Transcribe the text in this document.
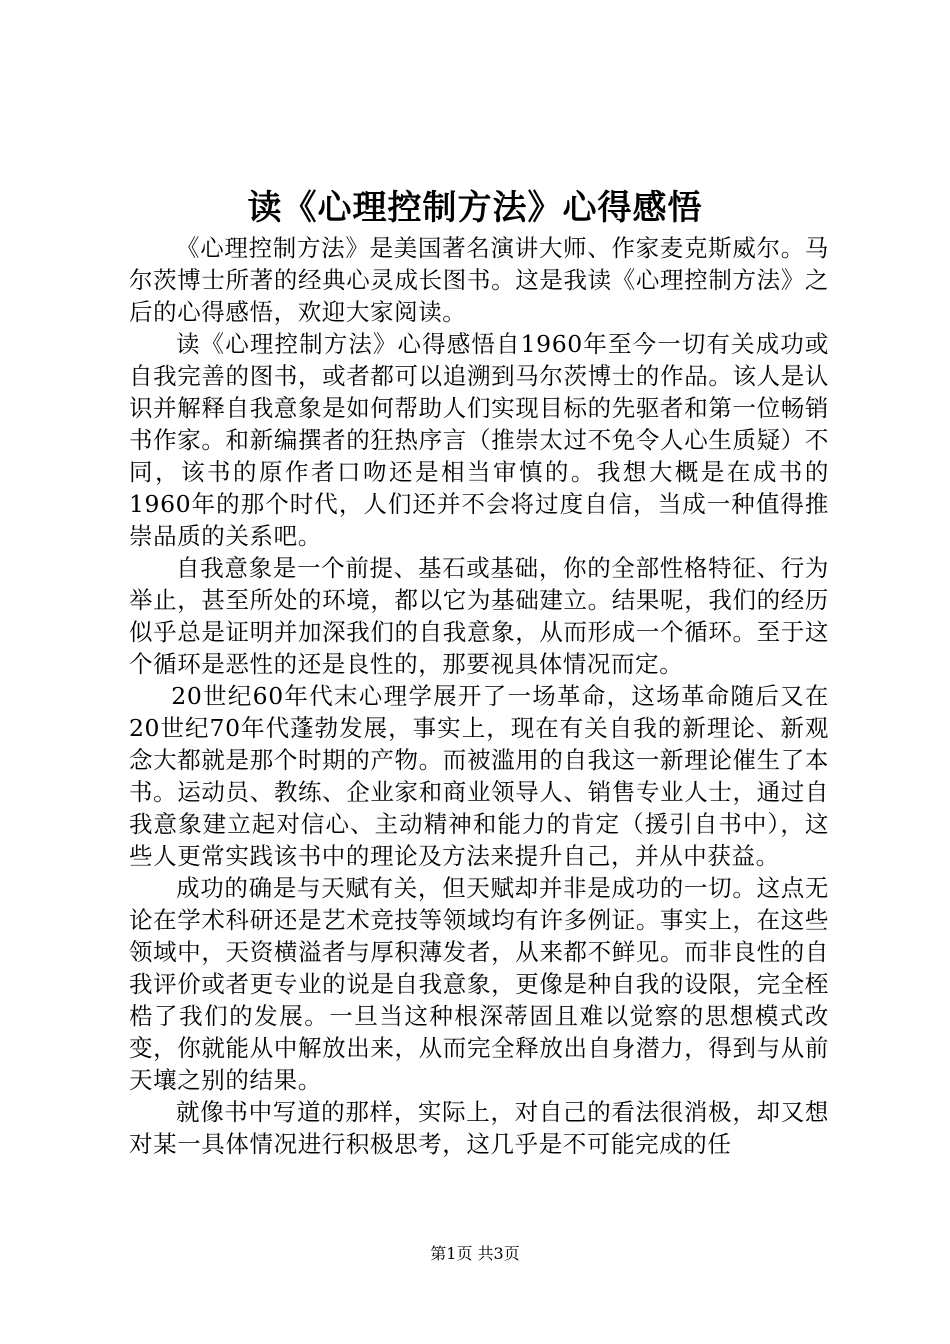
读《心理控制方法》心得感悟

《心理控制方法》是美国著名演讲大师、作家麦克斯威尔。马尔茨博士所著的经典心灵成长图书。这是我读《心理控制方法》之后的心得感悟，欢迎大家阅读。

读《心理控制方法》心得感悟自1960年至今一切有关成功或自我完善的图书，或者都可以追溯到马尔茨博士的作品。该人是认识并解释自我意象是如何帮助人们实现目标的先驱者和第一位畅销书作家。和新编撰者的狂热序言（推崇太过不免令人心生质疑）不同，该书的原作者口吻还是相当审慎的。我想大概是在成书的1960年的那个时代，人们还并不会将过度自信，当成一种值得推崇品质的关系吧。

自我意象是一个前提、基石或基础，你的全部性格特征、行为举止，甚至所处的环境，都以它为基础建立。结果呢，我们的经历似乎总是证明并加深我们的自我意象，从而形成一个循环。至于这个循环是恶性的还是良性的，那要视具体情况而定。

20世纪60年代末心理学展开了一场革命，这场革命随后又在20世纪70年代蓬勃发展，事实上，现在有关自我的新理论、新观念大都就是那个时期的产物。而被滥用的自我这一新理论催生了本书。运动员、教练、企业家和商业领导人、销售专业人士，通过自我意象建立起对信心、主动精神和能力的肯定（援引自书中），这些人更常实践该书中的理论及方法来提升自己，并从中获益。

成功的确是与天赋有关，但天赋却并非是成功的一切。这点无论在学术科研还是艺术竞技等领域均有许多例证。事实上，在这些领域中，天资横溢者与厚积薄发者，从来都不鲜见。而非良性的自我评价或者更专业的说是自我意象，更像是种自我的设限，完全桎梏了我们的发展。一旦当这种根深蒂固且难以觉察的思想模式改变，你就能从中解放出来，从而完全释放出自身潜力，得到与从前天壤之别的结果。

就像书中写道的那样，实际上，对自己的看法很消极，却又想对某一具体情况进行积极思考，这几乎是不可能完成的任

第1页 共3页
